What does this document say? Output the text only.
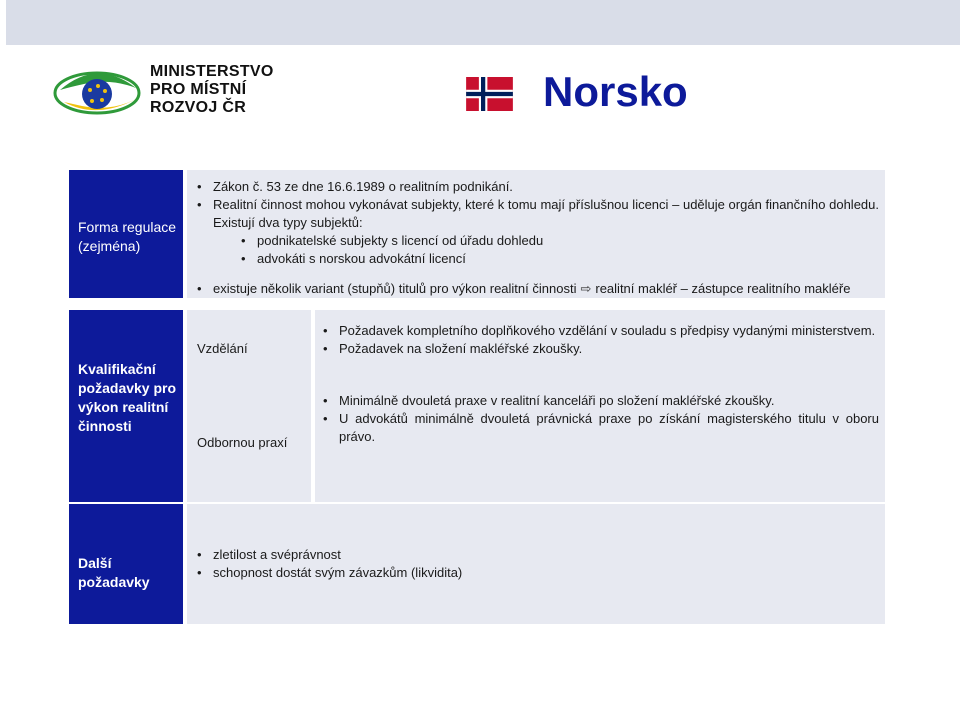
MINISTERSTVO
PRO MÍSTNÍ
ROZVOJ ČR	Norsko
Forma regulace
(zejména)
• Zákon č. 53 ze dne 16.6.1989 o realitním podnikání.
• Realitní činnost mohou vykonávat subjekty, které k tomu mají příslušnou licenci – uděluje orgán finančního dohledu. Existují dva typy subjektů:
• podnikatelské subjekty s licencí od úřadu dohledu
• advokáti s norskou advokátní licencí
• existuje několik variant (stupňů) titulů pro výkon realitní činnosti ⇨ realitní makléř – zástupce realitního makléře
Kvalifikační
požadavky pro
výkon realitní
činnosti
Vzdělání
Odbornou praxí
• Požadavek kompletního doplňkového vzdělání v souladu s předpisy vydanými ministerstvem.
• Požadavek na složení makléřské zkoušky.
• Minimálně dvouletá praxe v realitní kanceláři po složení makléřské zkoušky.
• U advokátů minimálně dvouletá právnická praxe po získání magisterského titulu v oboru právo.
Další požadavky
• zletilost a svéprávnost
• schopnost dostát svým závazkům (likvidita)
